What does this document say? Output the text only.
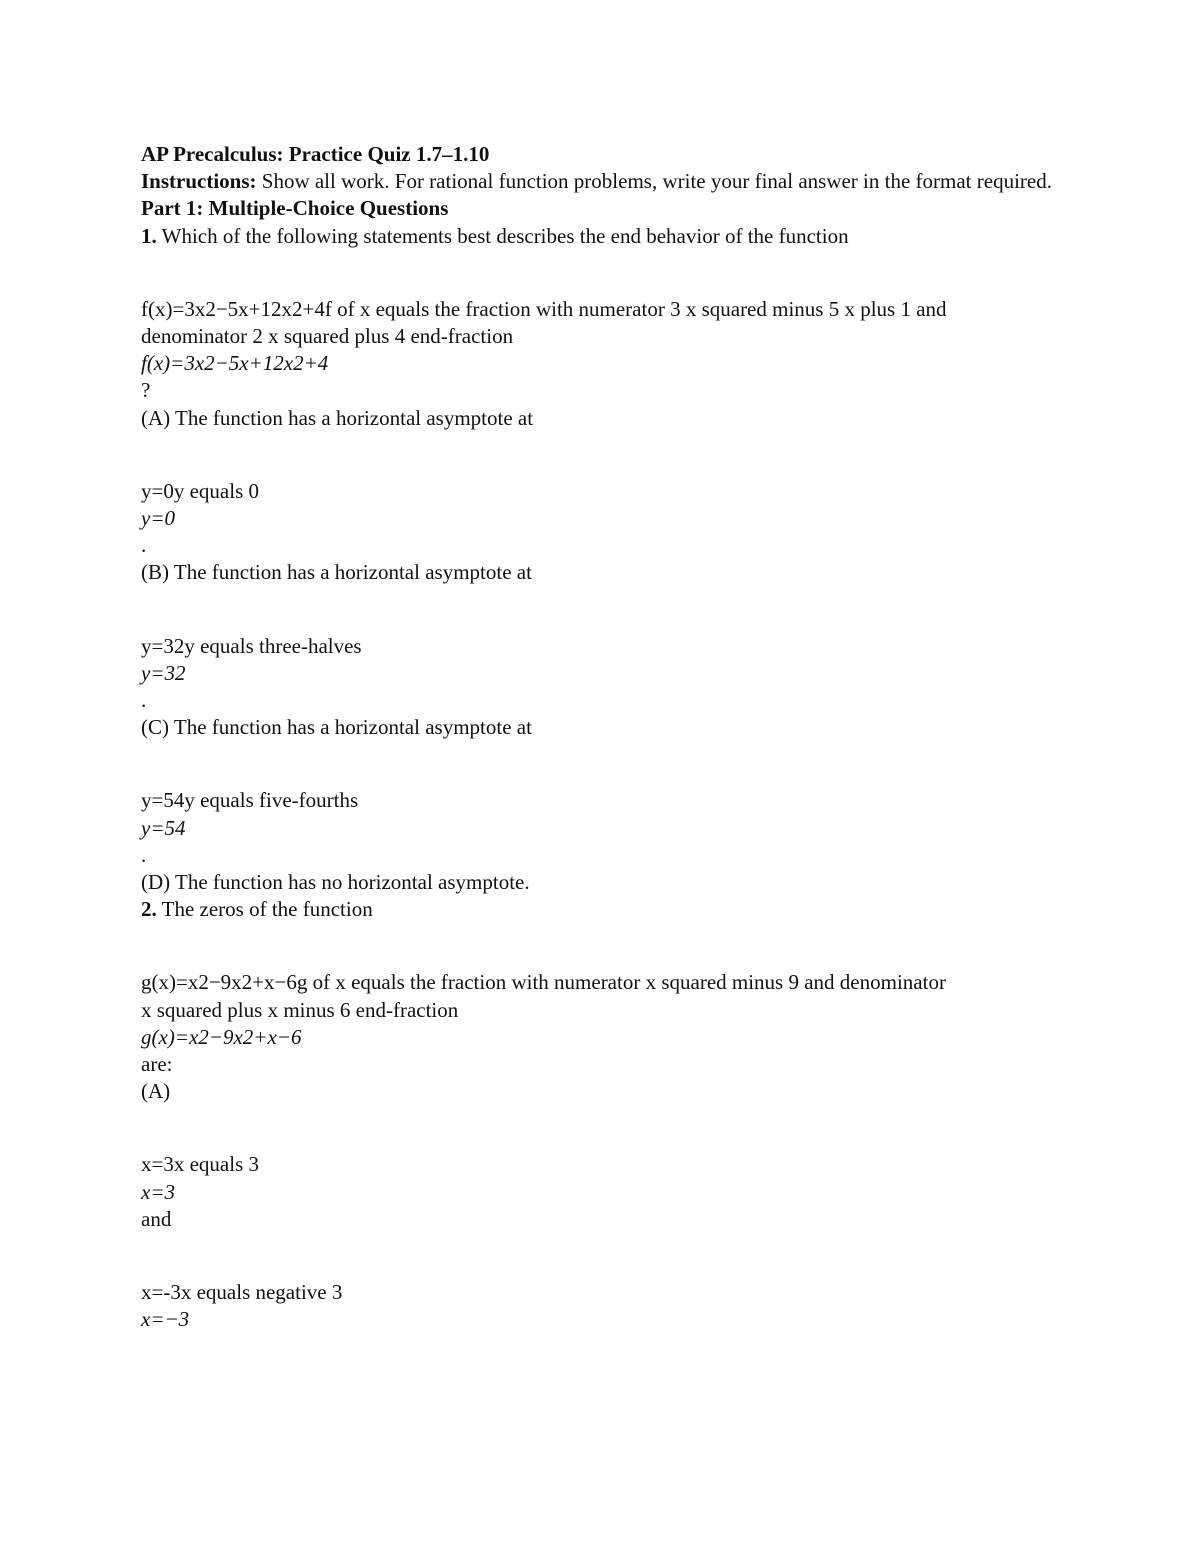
AP Precalculus: Practice Quiz 1.7–1.10
Instructions: Show all work. For rational function problems, write your final answer in the format required.
Part 1: Multiple-Choice Questions
1. Which of the following statements best describes the end behavior of the function
f(x)=3x2−5x+12x2+4f of x equals the fraction with numerator 3 x squared minus 5 x plus 1 and
denominator 2 x squared plus 4 end-fraction
f(x)=3x2−5x+12x2+4
?
(A) The function has a horizontal asymptote at
y=0y equals 0
y=0
.
(B) The function has a horizontal asymptote at
y=32y equals three-halves
y=32
.
(C) The function has a horizontal asymptote at
y=54y equals five-fourths
y=54
.
(D) The function has no horizontal asymptote.
2. The zeros of the function
g(x)=x2−9x2+x−6g of x equals the fraction with numerator x squared minus 9 and denominator
x squared plus x minus 6 end-fraction
g(x)=x2−9x2+x−6
are:
(A)
x=3x equals 3
x=3
and
x=-3x equals negative 3
x=−3
